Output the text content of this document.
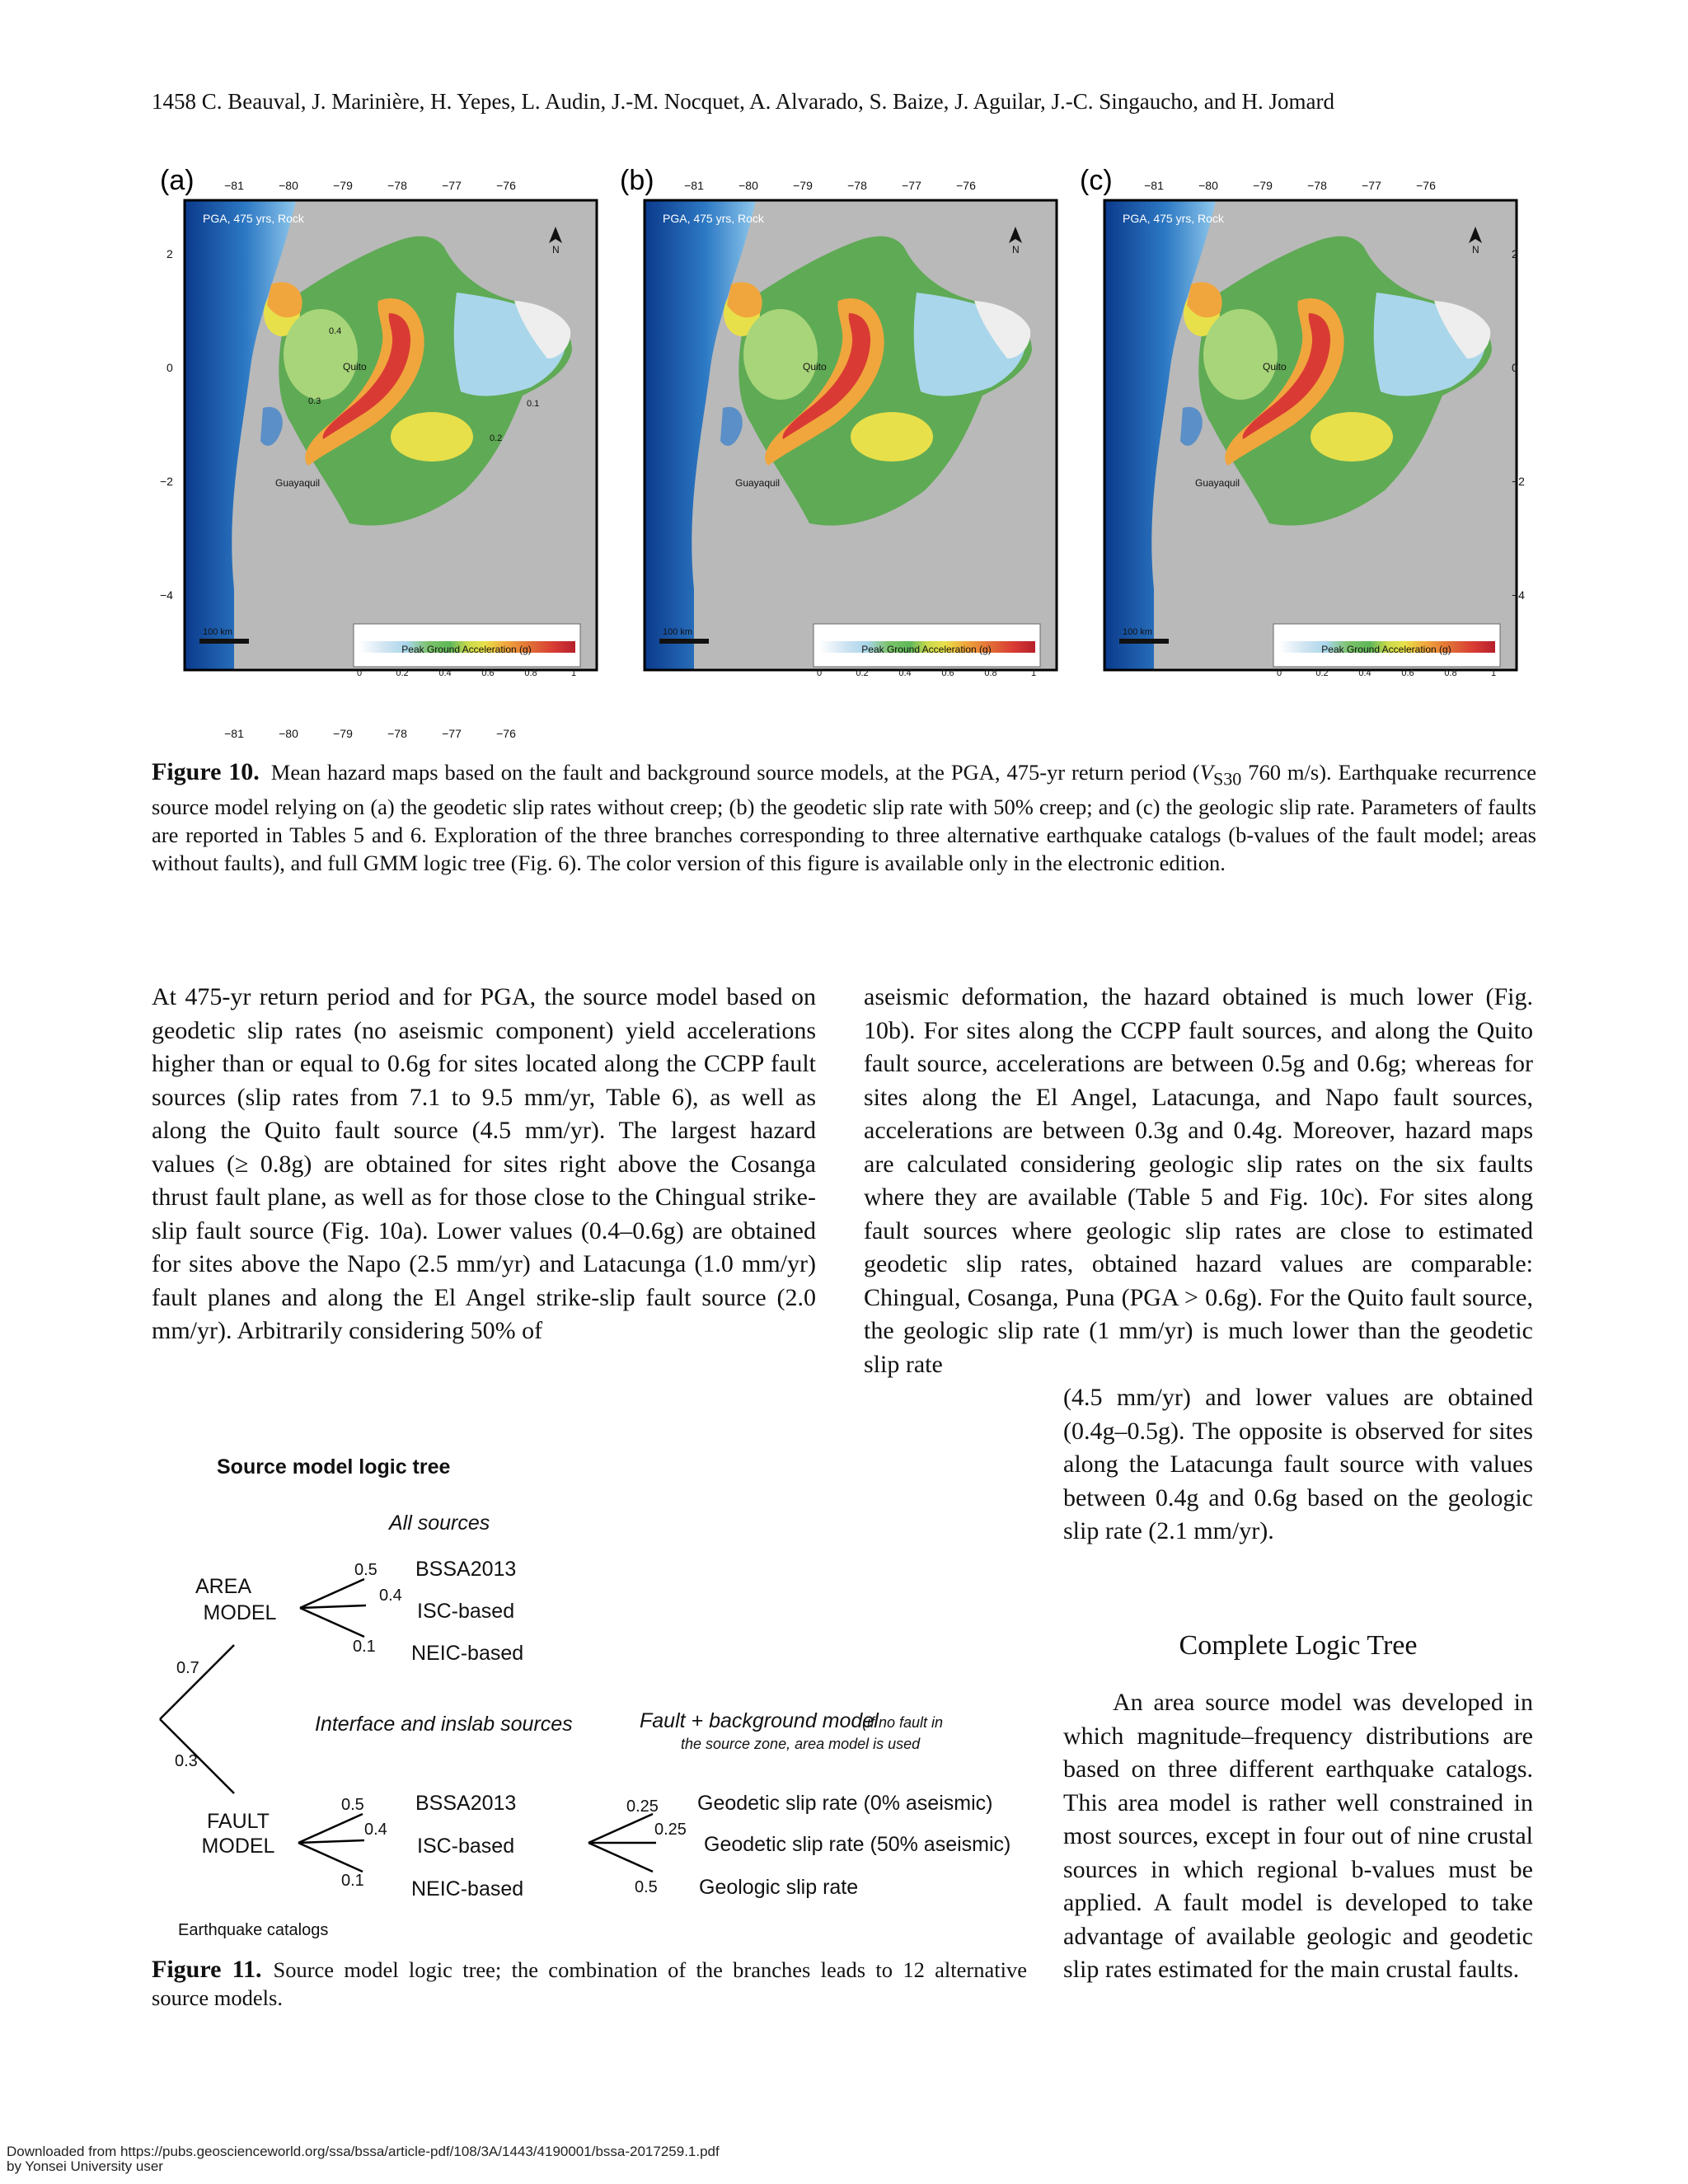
1458 C. Beauval, J. Marinière, H. Yepes, L. Audin, J.-M. Nocquet, A. Alvarado, S. Baize, J. Aguilar, J.-C. Singaucho, and H. Jomard
(a)	(b)	(c)
PGA, 475 yrs, Rock	PGA, 475 yrs, Rock	PGA, 475 yrs, Rock
−81	−80	−79	−78	−77	−76
−81	−80	−79	−78	−77	−76
−81	−80	−79	−78	−77	−76	−81	−80	−79	−78	−77	−76
2
0
−2
−4
2
0
−2
−4
Quito
Guayaquil
Quito
Guayaquil
Quito
Guayaquil
N	N	N
0.1
0.2
0.3
0.4
100 km	100 km	100 km
Peak Ground Acceleration (g)	Peak Ground Acceleration (g)	Peak Ground Acceleration (g)
0	0.2	0.4	0.6	0.8	1	0	0.2	0.4	0.6	0.8	1	0	0.2	0.4	0.6	0.8	1
Figure 10. Mean hazard maps based on the fault and background source models, at the PGA, 475-yr return period ($V_{S30}$ 760 m/s). Earthquake recurrence source model relying on (a) the geodetic slip rates without creep; (b) the geodetic slip rate with 50% creep; and (c) the geologic slip rate. Parameters of faults are reported in Tables 5 and 6. Exploration of the three branches corresponding to three alternative earthquake catalogs (b-values of the fault model; areas without faults), and full GMM logic tree (Fig. 6). The color version of this figure is available only in the electronic edition.

At 475-yr return period and for PGA, the source model based on geodetic slip rates (no aseismic component) yield accelerations higher than or equal to 0.6g for sites located along the CCPP fault sources (slip rates from 7.1 to 9.5 mm/yr, Table 6), as well as along the Quito fault source (4.5 mm/yr). The largest hazard values (≥ 0.8g) are obtained for sites right above the Cosanga thrust fault plane, as well as for those close to the Chingual strike-slip fault source (Fig. 10a). Lower values (0.4–0.6g) are obtained for sites above the Napo (2.5 mm/yr) and Latacunga (1.0 mm/yr) fault planes and along the El Angel strike-slip fault source (2.0 mm/yr). Arbitrarily considering 50% of

aseismic deformation, the hazard obtained is much lower (Fig. 10b). For sites along the CCPP fault sources, and along the Quito fault source, accelerations are between 0.5g and 0.6g; whereas for sites along the El Angel, Latacunga, and Napo fault sources, accelerations are between 0.3g and 0.4g. Moreover, hazard maps are calculated considering geologic slip rates on the six faults where they are available (Table 5 and Fig. 10c). For sites along fault sources where geologic slip rates are close to estimated geodetic slip rates, obtained hazard values are comparable: Chingual, Cosanga, Puna (PGA > 0.6g). For the Quito fault source, the geologic slip rate (1 mm/yr) is much lower than the geodetic slip rate

(4.5 mm/yr) and lower values are obtained (0.4g–0.5g). The opposite is observed for sites along the Latacunga fault source with values between 0.4g and 0.6g based on the geologic slip rate (2.1 mm/yr).

Complete Logic Tree

An area source model was developed in which magnitude–frequency distributions are based on three different earthquake catalogs. This area model is rather well constrained in most sources, except in four out of nine crustal sources in which regional b-values must be applied. A fault model is developed to take advantage of available geologic and geodetic slip rates estimated for the main crustal faults.

Source model logic tree
All sources
AREA
MODEL
FAULT
MODEL
0.7
0.3
0.5 BSSA2013
0.4
ISC-based
0.1 NEIC-based
Interface and inslab sources
0.5 BSSA2013
0.4
ISC-based
0.1 NEIC-based
Fault + background model
(if no fault in
the source zone, area model is used
0.25 Geodetic slip rate (0% aseismic)
0.25
Geodetic slip rate (50% aseismic)
0.5 Geologic slip rate
Earthquake catalogs
Figure 11. Source model logic tree; the combination of the branches leads to 12 alternative source models.
Downloaded from https://pubs.geoscienceworld.org/ssa/bssa/article-pdf/108/3A/1443/4190001/bssa-2017259.1.pdf
by Yonsei University user
